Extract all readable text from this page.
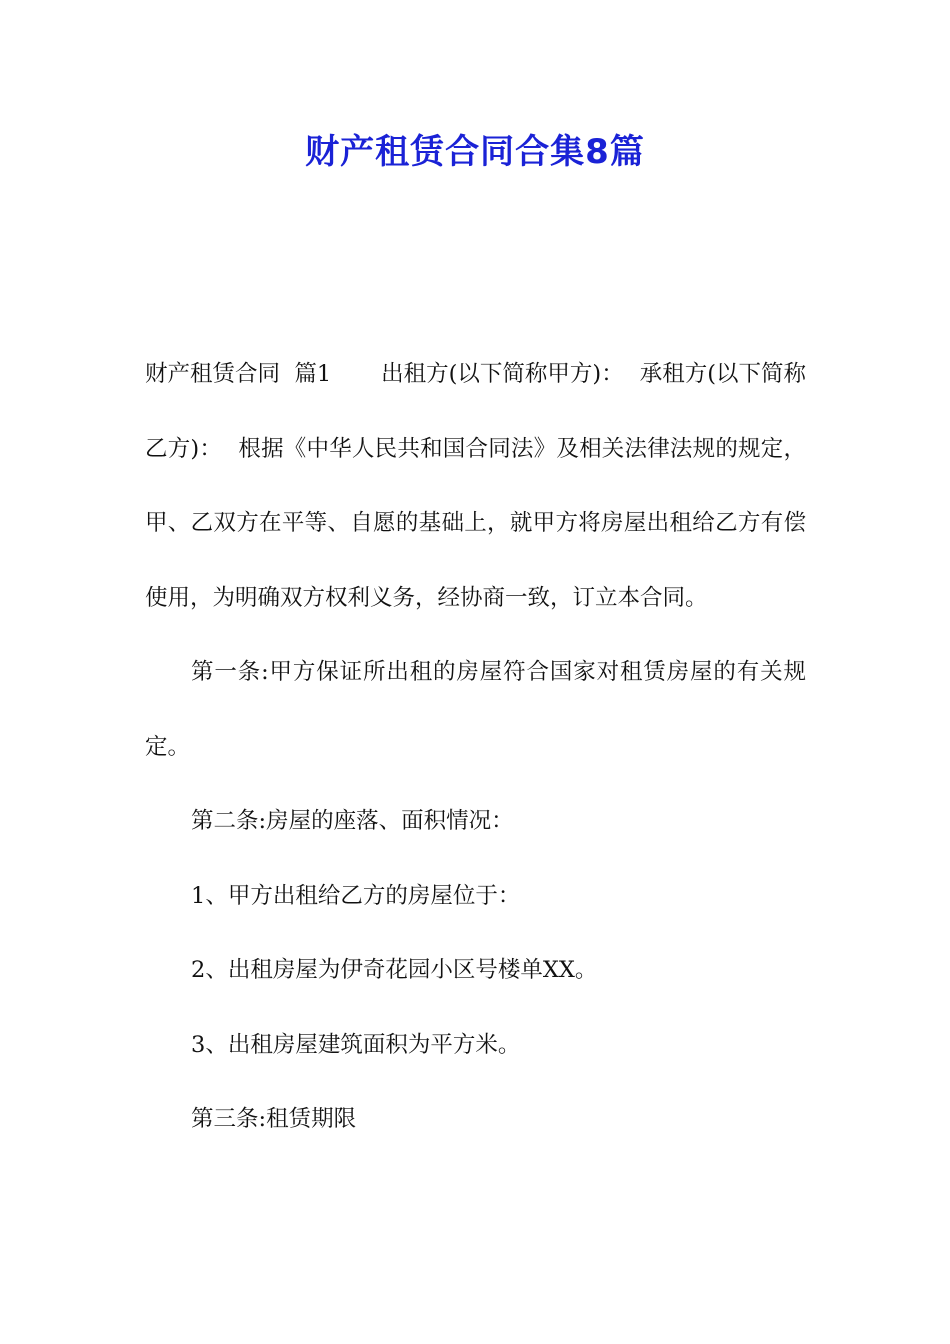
财产租赁合同合集8篇

财产租赁合同  篇1 出租方(以下简称甲方)： 承租方(以下简称乙方)： 根据《中华人民共和国合同法》及相关法律法规的规定，甲、乙双方在平等、自愿的基础上，就甲方将房屋出租给乙方有偿使用，为明确双方权利义务，经协商一致，订立本合同。

第一条:甲方保证所出租的房屋符合国家对租赁房屋的有关规定。

第二条:房屋的座落、面积情况：

1、甲方出租给乙方的房屋位于：

2、出租房屋为伊奇花园小区号楼单XX。

3、出租房屋建筑面积为平方米。

第三条:租赁期限
